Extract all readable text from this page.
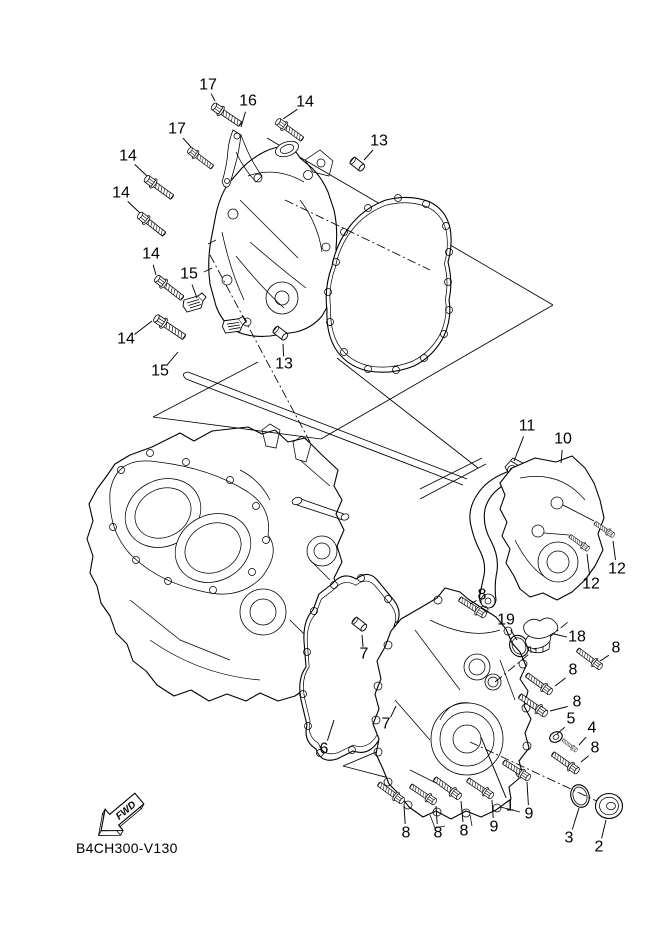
17
16 14
17
13
14
14
14
15
14
15	13
11
10
12
12
8
19
18
8
8
7
7
6
8
5
4
8
1 9
8 8 8 9
3
2
FWD
B4CH300-V130
